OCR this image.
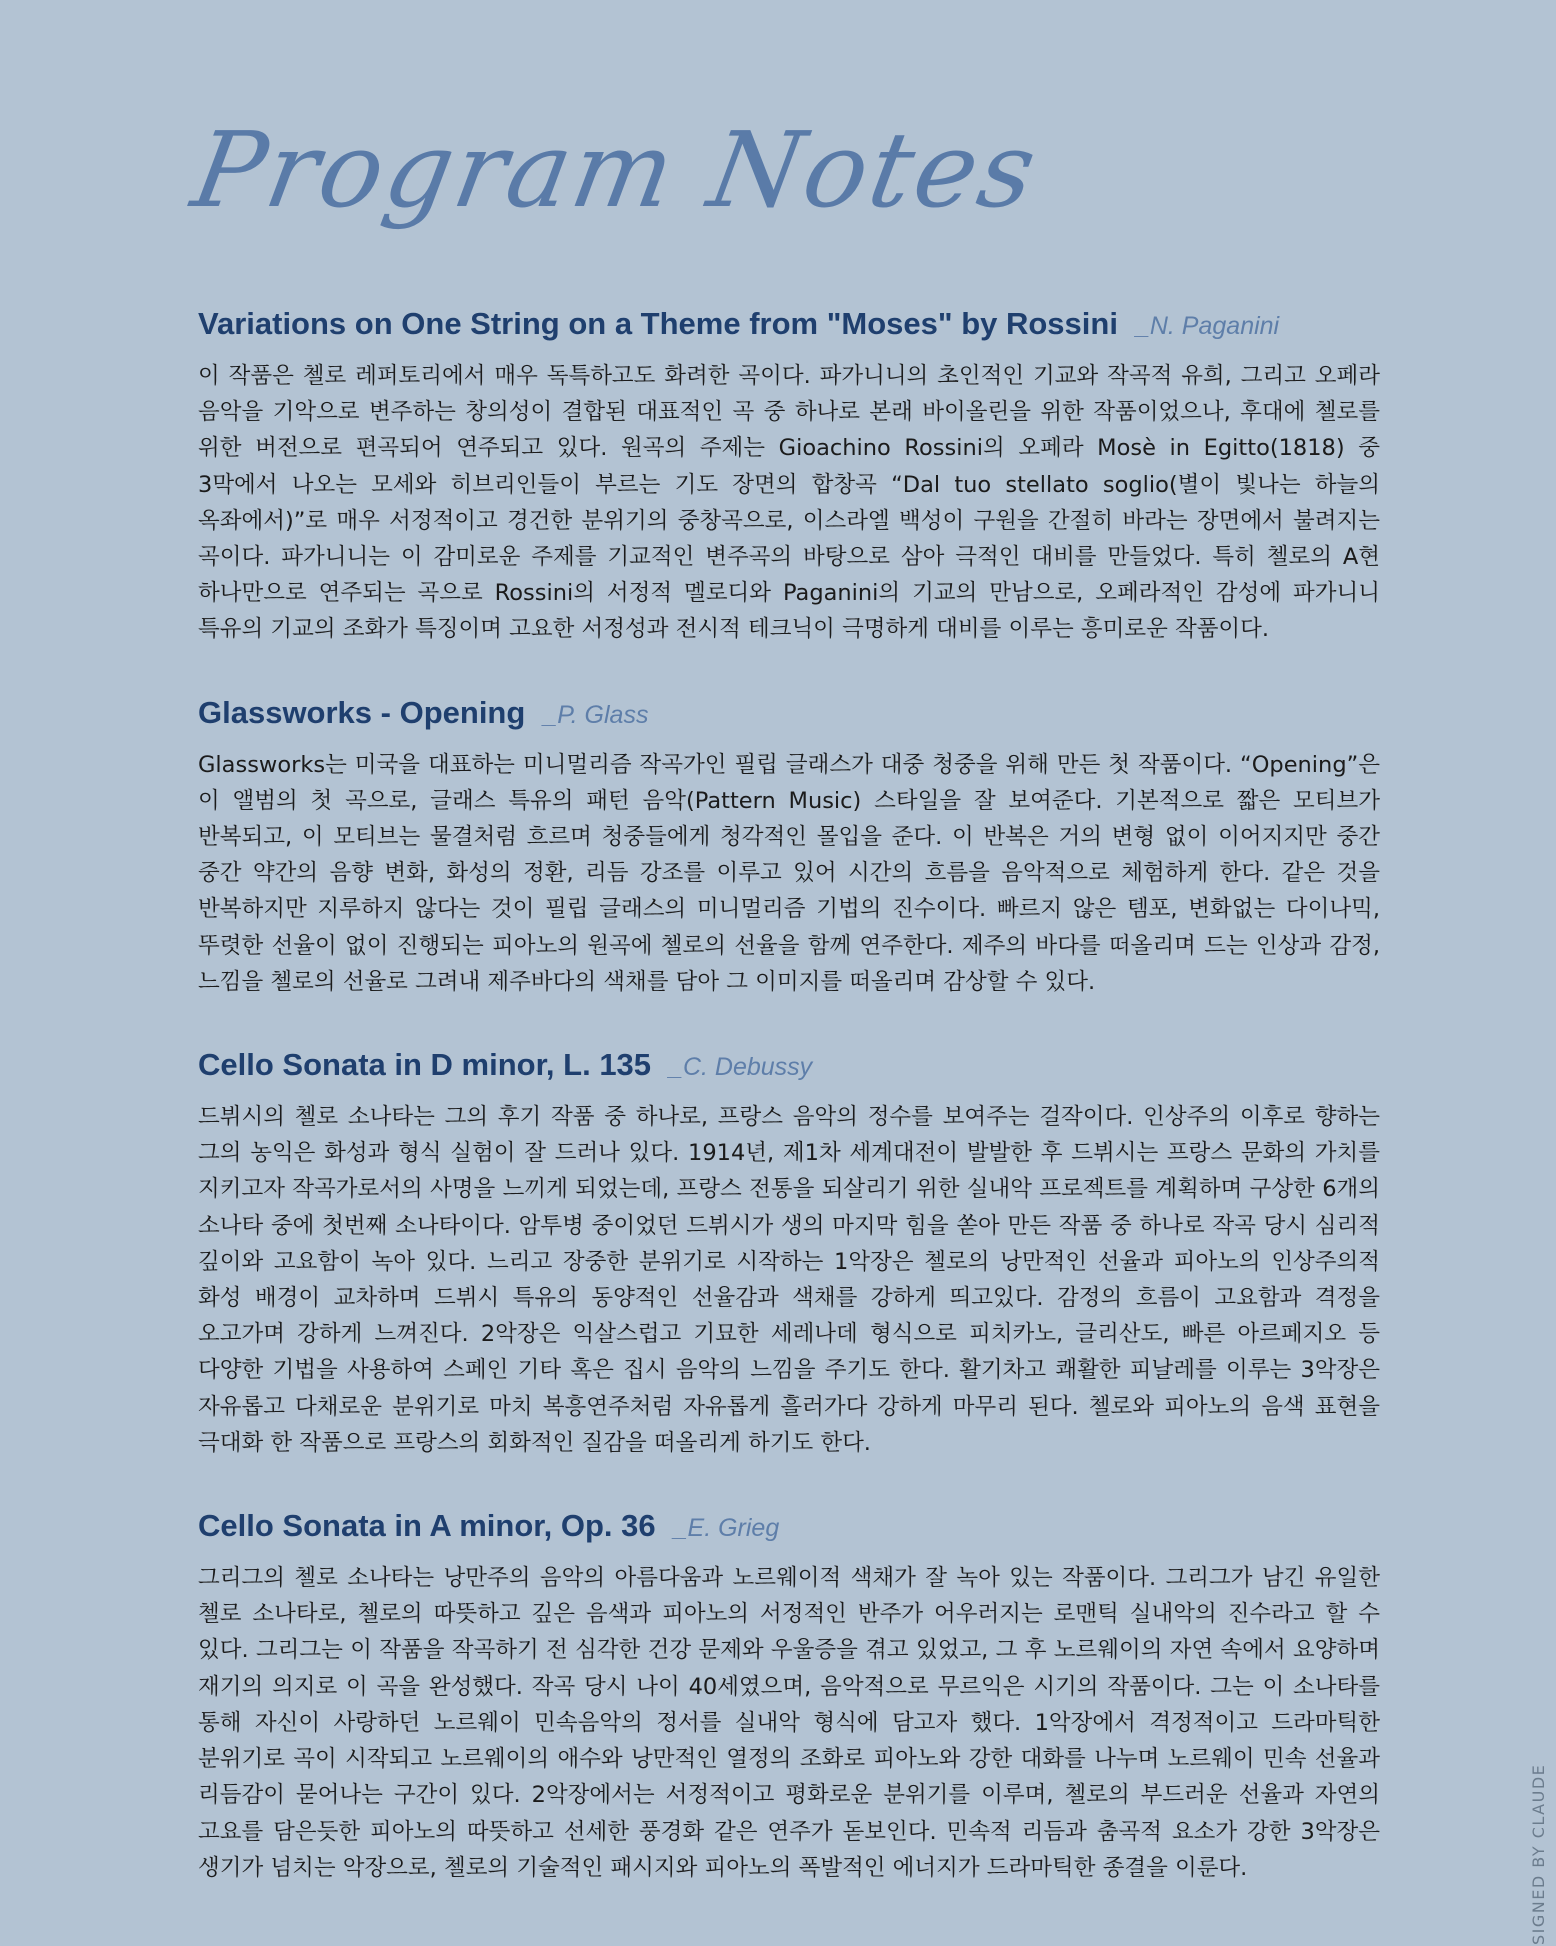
Program Notes
Variations on One String on a Theme from "Moses" by Rossini _N. Paganini

이 작품은 첼로 레퍼토리에서 매우 독특하고도 화려한 곡이다. 파가니니의 초인적인 기교와 작곡적 유희, 그리고 오페라 음악을 기악으로 변주하는 창의성이 결합된 대표적인 곡 중 하나로 본래 바이올린을 위한 작품이었으나, 후대에 첼로를 위한 버전으로 편곡되어 연주되고 있다. 원곡의 주제는 Gioachino Rossini의 오페라 Mosè in Egitto(1818) 중 3막에서 나오는 모세와 히브리인들이 부르는 기도 장면의 합창곡 “Dal tuo stellato soglio(별이 빛나는 하늘의 옥좌에서)”로 매우 서정적이고 경건한 분위기의 중창곡으로, 이스라엘 백성이 구원을 간절히 바라는 장면에서 불려지는 곡이다. 파가니니는 이 감미로운 주제를 기교적인 변주곡의 바탕으로 삼아 극적인 대비를 만들었다. 특히 첼로의 A현 하나만으로 연주되는 곡으로 Rossini의 서정적 멜로디와 Paganini의 기교의 만남으로, 오페라적인 감성에 파가니니 특유의 기교의 조화가 특징이며 고요한 서정성과 전시적 테크닉이 극명하게 대비를 이루는 흥미로운 작품이다.

Glassworks - Opening _P. Glass

Glassworks는 미국을 대표하는 미니멀리즘 작곡가인 필립 글래스가 대중 청중을 위해 만든 첫 작품이다. “Opening”은 이 앨범의 첫 곡으로, 글래스 특유의 패턴 음악(Pattern Music) 스타일을 잘 보여준다. 기본적으로 짧은 모티브가 반복되고, 이 모티브는 물결처럼 흐르며 청중들에게 청각적인 몰입을 준다. 이 반복은 거의 변형 없이 이어지지만 중간 중간 약간의 음향 변화, 화성의 정환, 리듬 강조를 이루고 있어 시간의 흐름을 음악적으로 체험하게 한다. 같은 것을 반복하지만 지루하지 않다는 것이 필립 글래스의 미니멀리즘 기법의 진수이다. 빠르지 않은 템포, 변화없는 다이나믹, 뚜렷한 선율이 없이 진행되는 피아노의 원곡에 첼로의 선율을 함께 연주한다. 제주의 바다를 떠올리며 드는 인상과 감정, 느낌을 첼로의 선율로 그려내 제주바다의 색채를 담아 그 이미지를 떠올리며 감상할 수 있다.

Cello Sonata in D minor, L. 135 _C. Debussy

드뷔시의 첼로 소나타는 그의 후기 작품 중 하나로, 프랑스 음악의 정수를 보여주는 걸작이다. 인상주의 이후로 향하는 그의 농익은 화성과 형식 실험이 잘 드러나 있다. 1914년, 제1차 세계대전이 발발한 후 드뷔시는 프랑스 문화의 가치를 지키고자 작곡가로서의 사명을 느끼게 되었는데, 프랑스 전통을 되살리기 위한 실내악 프로젝트를 계획하며 구상한 6개의 소나타 중에 첫번째 소나타이다. 암투병 중이었던 드뷔시가 생의 마지막 힘을 쏟아 만든 작품 중 하나로 작곡 당시 심리적 깊이와 고요함이 녹아 있다. 느리고 장중한 분위기로 시작하는 1악장은 첼로의 낭만적인 선율과 피아노의 인상주의적 화성 배경이 교차하며 드뷔시 특유의 동양적인 선율감과 색채를 강하게 띄고있다. 감정의 흐름이 고요함과 격정을 오고가며 강하게 느껴진다. 2악장은 익살스럽고 기묘한 세레나데 형식으로 피치카노, 글리산도, 빠른 아르페지오 등 다양한 기법을 사용하여 스페인 기타 혹은 집시 음악의 느낌을 주기도 한다. 활기차고 쾌활한 피날레를 이루는 3악장은 자유롭고 다채로운 분위기로 마치 복흥연주처럼 자유롭게 흘러가다 강하게 마무리 된다. 첼로와 피아노의 음색 표현을 극대화 한 작품으로 프랑스의 회화적인 질감을 떠올리게 하기도 한다.

Cello Sonata in A minor, Op. 36 _E. Grieg

그리그의 첼로 소나타는 낭만주의 음악의 아름다움과 노르웨이적 색채가 잘 녹아 있는 작품이다. 그리그가 남긴 유일한 첼로 소나타로, 첼로의 따뜻하고 깊은 음색과 피아노의 서정적인 반주가 어우러지는 로맨틱 실내악의 진수라고 할 수 있다. 그리그는 이 작품을 작곡하기 전 심각한 건강 문제와 우울증을 겪고 있었고, 그 후 노르웨이의 자연 속에서 요양하며 재기의 의지로 이 곡을 완성했다. 작곡 당시 나이 40세였으며, 음악적으로 무르익은 시기의 작품이다. 그는 이 소나타를 통해 자신이 사랑하던 노르웨이 민속음악의 정서를 실내악 형식에 담고자 했다. 1악장에서 격정적이고 드라마틱한 분위기로 곡이 시작되고 노르웨이의 애수와 낭만적인 열정의 조화로 피아노와 강한 대화를 나누며 노르웨이 민속 선율과 리듬감이 묻어나는 구간이 있다. 2악장에서는 서정적이고 평화로운 분위기를 이루며, 첼로의 부드러운 선율과 자연의 고요를 담은듯한 피아노의 따뜻하고 선세한 풍경화 같은 연주가 돋보인다. 민속적 리듬과 춤곡적 요소가 강한 3악장은 생기가 넘치는 악장으로, 첼로의 기술적인 패시지와 피아노의 폭발적인 에너지가 드라마틱한 종결을 이룬다.	SIGNED BY CLAUDE
